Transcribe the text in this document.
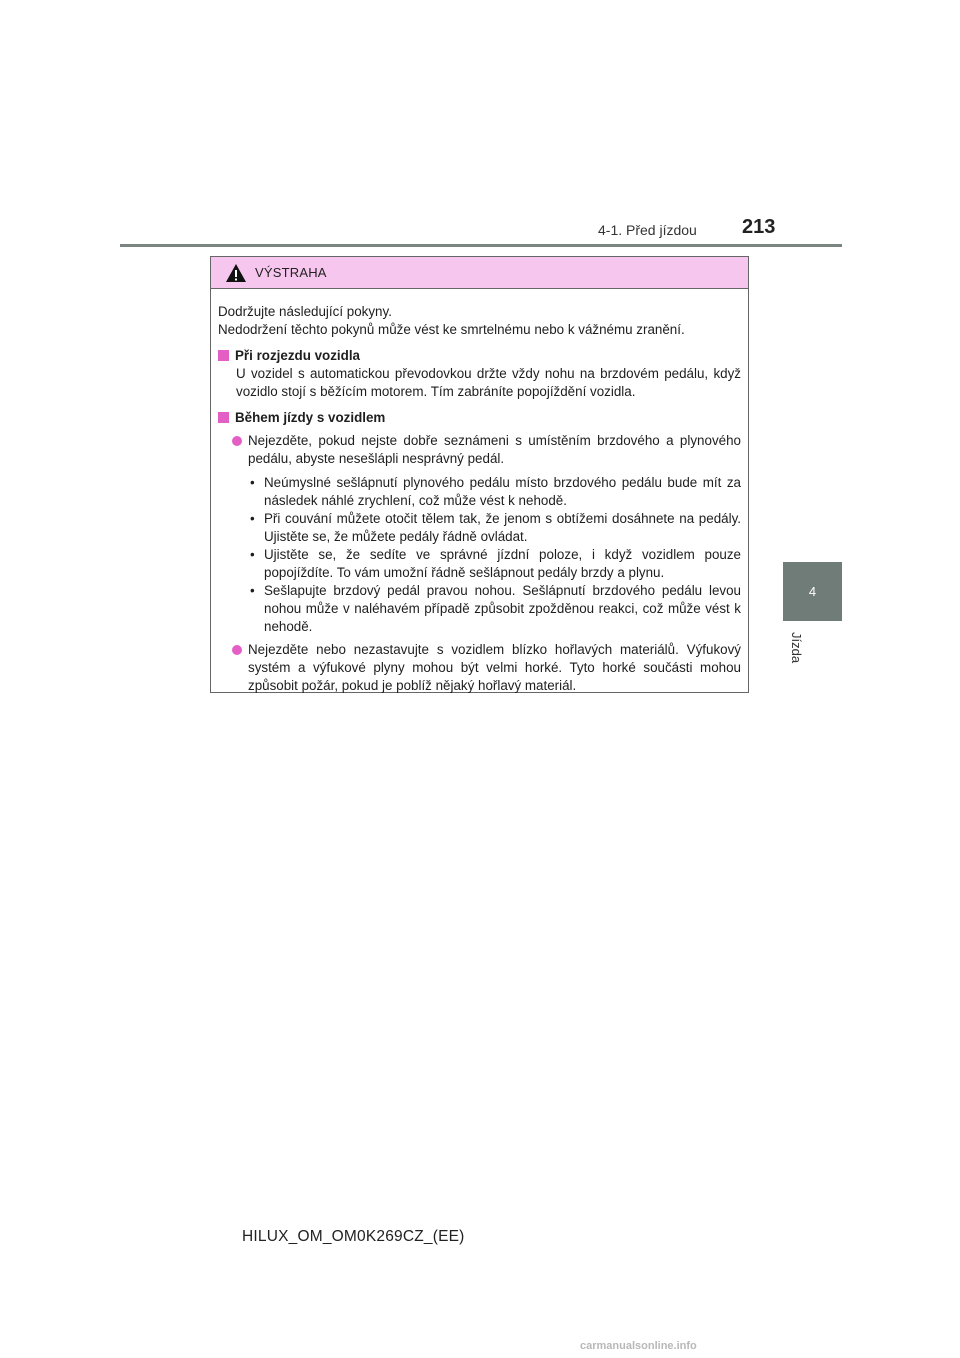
4-1. Před jízdou 213
4
Jízda
VÝSTRAHA

Dodržujte následující pokyny.

Nedodržení těchto pokynů může vést ke smrtelnému nebo k vážnému zranění.

Při rozjezdu vozidla

U vozidel s automatickou převodovkou držte vždy nohu na brzdovém pedálu, když vozidlo stojí s běžícím motorem. Tím zabráníte popojíždění vozidla.

Během jízdy s vozidlem

Nejezděte, pokud nejste dobře seznámeni s umístěním brzdového a plynového pedálu, abyste nesešlápli nesprávný pedál.

• Neúmyslné sešlápnutí plynového pedálu místo brzdového pedálu bude mít za následek náhlé zrychlení, což může vést k nehodě.
• Při couvání můžete otočit tělem tak, že jenom s obtížemi dosáhnete na pedály. Ujistěte se, že můžete pedály řádně ovládat.
• Ujistěte se, že sedíte ve správné jízdní poloze, i když vozidlem pouze popojíždíte. To vám umožní řádně sešlápnout pedály brzdy a plynu.
• Sešlapujte brzdový pedál pravou nohou. Sešlápnutí brzdového pedálu levou nohou může v naléhavém případě způsobit zpožděnou reakci, což může vést k nehodě.

Nejezděte nebo nezastavujte s vozidlem blízko hořlavých materiálů. Výfukový systém a výfukové plyny mohou být velmi horké. Tyto horké součásti mohou způsobit požár, pokud je poblíž nějaký hořlavý materiál.

HILUX_OM_OM0K269CZ_(EE)
carmanualsonline.info
